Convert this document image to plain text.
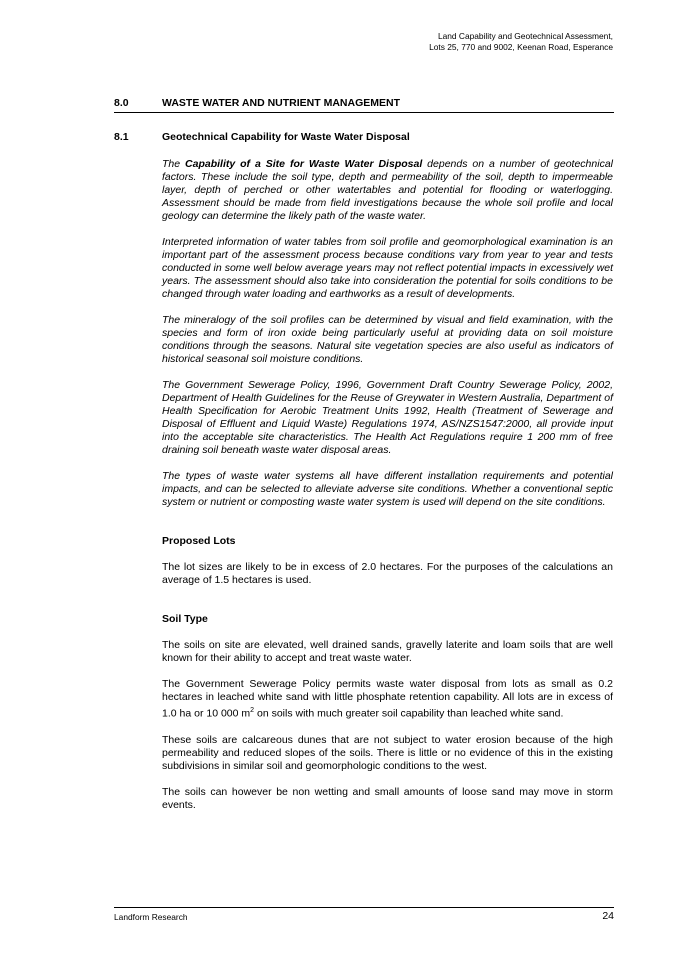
Land Capability and Geotechnical Assessment,
Lots 25, 770 and 9002, Keenan Road, Esperance
8.0	WASTE WATER AND NUTRIENT MANAGEMENT
8.1	Geotechnical Capability for Waste Water Disposal

The Capability of a Site for Waste Water Disposal depends on a number of geotechnical factors. These include the soil type, depth and permeability of the soil, depth to impermeable layer, depth of perched or other watertables and potential for flooding or waterlogging. Assessment should be made from field investigations because the whole soil profile and local geology can determine the likely path of the waste water.

Interpreted information of water tables from soil profile and geomorphological examination is an important part of the assessment process because conditions vary from year to year and tests conducted in some well below average years may not reflect potential impacts in excessively wet years. The assessment should also take into consideration the potential for soils conditions to be changed through water loading and earthworks as a result of developments.

The mineralogy of the soil profiles can be determined by visual and field examination, with the species and form of iron oxide being particularly useful at providing data on soil moisture conditions through the seasons. Natural site vegetation species are also useful as indicators of historical seasonal soil moisture conditions.

The Government Sewerage Policy, 1996, Government Draft Country Sewerage Policy, 2002, Department of Health Guidelines for the Reuse of Greywater in Western Australia, Department of Health Specification for Aerobic Treatment Units 1992, Health (Treatment of Sewerage and Disposal of Effluent and Liquid Waste) Regulations 1974, AS/NZS1547:2000, all provide input into the acceptable site characteristics. The Health Act Regulations require 1 200 mm of free draining soil beneath waste water disposal areas.

The types of waste water systems all have different installation requirements and potential impacts, and can be selected to alleviate adverse site conditions. Whether a conventional septic system or nutrient or composting waste water system is used will depend on the site conditions.

Proposed Lots

The lot sizes are likely to be in excess of 2.0 hectares. For the purposes of the calculations an average of 1.5 hectares is used.

Soil Type

The soils on site are elevated, well drained sands, gravelly laterite and loam soils that are well known for their ability to accept and treat waste water.

The Government Sewerage Policy permits waste water disposal from lots as small as 0.2 hectares in leached white sand with little phosphate retention capability. All lots are in excess of 1.0 ha or 10 000 $m^2$ on soils with much greater soil capability than leached white sand.

These soils are calcareous dunes that are not subject to water erosion because of the high permeability and reduced slopes of the soils. There is little or no evidence of this in the existing subdivisions in similar soil and geomorphologic conditions to the west.

The soils can however be non wetting and small amounts of loose sand may move in storm events.

Landform Research	24
